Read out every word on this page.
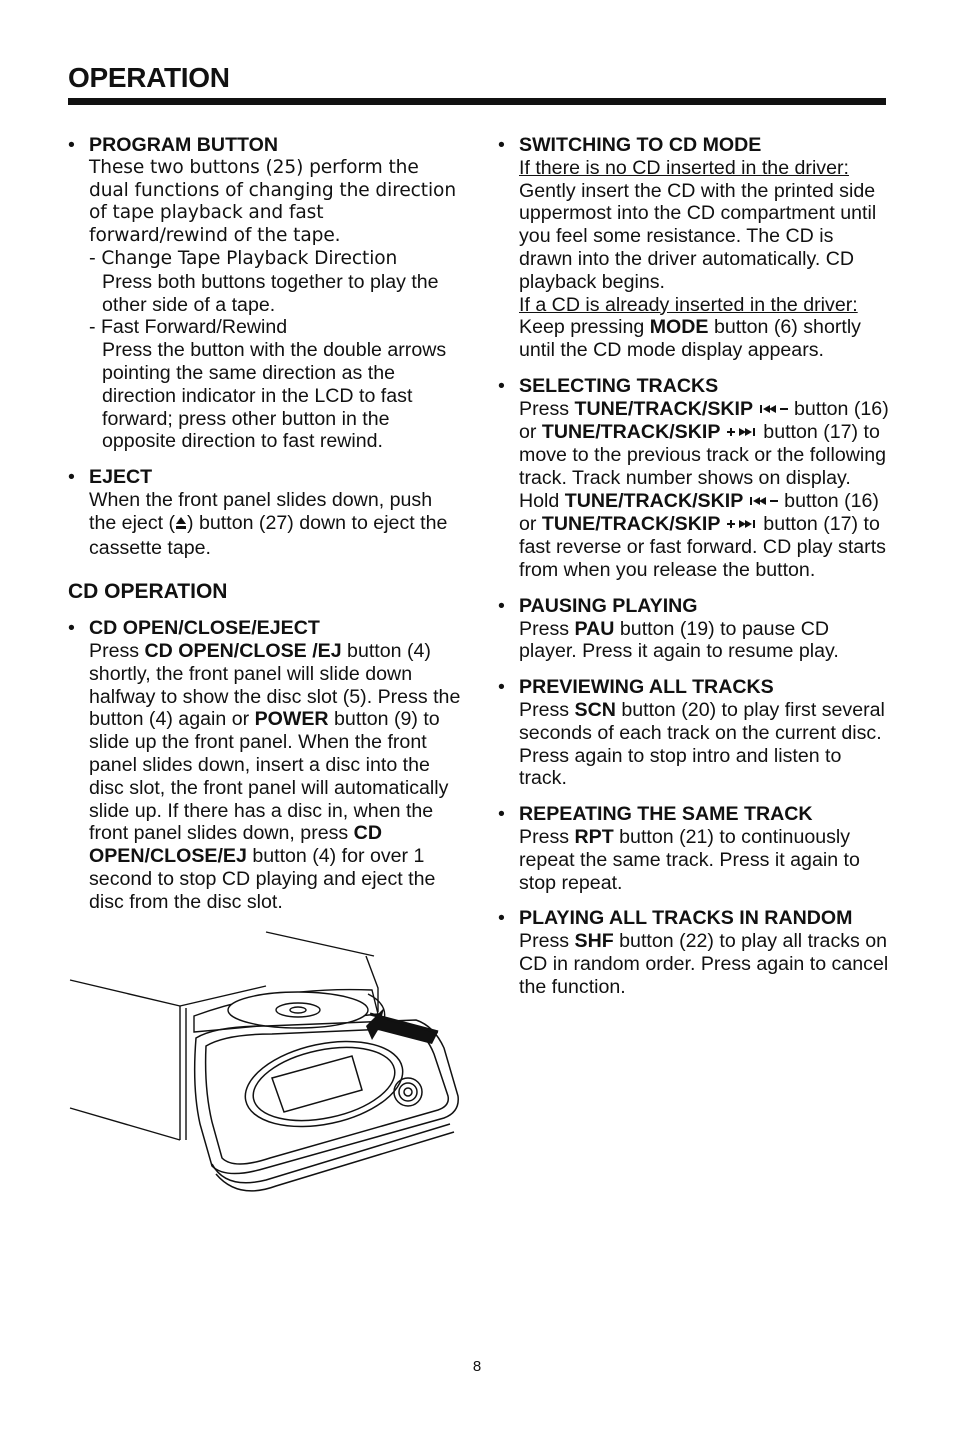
OPERATION
• PROGRAM BUTTON
These two buttons (25) perform the dual functions of changing the direction of tape playback and fast forward/rewind of the tape.
- Change Tape Playback Direction
Press both buttons together to play the other side of a tape.
- Fast Forward/Rewind
Press the button with the double arrows pointing the same direction as the direction indicator in the LCD to fast forward; press other button in the opposite direction to fast rewind.
• EJECT
When the front panel slides down, push the eject ( ) button (27) down to eject the cassette tape.
CD OPERATION
• CD OPEN/CLOSE/EJECT
Press CD OPEN/CLOSE /EJ button (4) shortly, the front panel will slide down halfway to show the disc slot (5). Press the button (4) again or POWER button (9) to slide up the front panel. When the front panel slides down, insert a disc into the disc slot, the front panel will automatically slide up. If there has a disc in, when the front panel slides down, press CD OPEN/CLOSE/EJ button (4) for over 1 second to stop CD playing and eject the disc from the disc slot.
• SWITCHING TO CD MODE
If there is no CD inserted in the driver:
Gently insert the CD with the printed side uppermost into the CD compartment until you feel some resistance. The CD is drawn into the driver automatically. CD playback begins.
If a CD is already inserted in the driver:
Keep pressing MODE button (6) shortly until the CD mode display appears.
• SELECTING TRACKS
Press TUNE/TRACK/SKIP  button (16) or TUNE/TRACK/SKIP  button (17) to move to the previous track or the following track. Track number shows on display.
Hold TUNE/TRACK/SKIP  button (16) or TUNE/TRACK/SKIP  button (17) to fast reverse or fast forward. CD play starts from when you release the button.
• PAUSING PLAYING
Press PAU button (19) to pause CD player. Press it again to resume play.
• PREVIEWING ALL TRACKS
Press SCN button (20) to play first several seconds of each track on the current disc. Press again to stop intro and listen to track.
• REPEATING THE SAME TRACK
Press RPT button (21) to continuously repeat the same track. Press it again to stop repeat.
• PLAYING ALL TRACKS IN RANDOM
Press SHF button (22) to play all tracks on CD in random order. Press again to cancel the function.
8
